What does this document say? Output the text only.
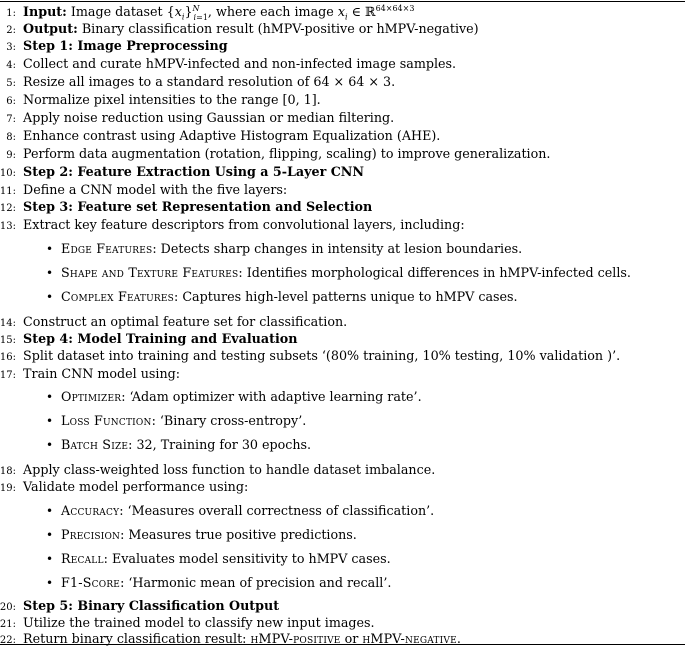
1: Input: Image dataset $\{x_i\}^N_{i=1}$, where each image $x_i$ ∈ ℝ$^{64\times 64\times 3}$
2: Output: Binary classification result (hMPV-positive or hMPV-negative)
3: Step 1: Image Preprocessing
4: Collect and curate hMPV-infected and non-infected image samples.
5: Resize all images to a standard resolution of 64 × 64 × 3.
6: Normalize pixel intensities to the range [0, 1].
7: Apply noise reduction using Gaussian or median filtering.
8: Enhance contrast using Adaptive Histogram Equalization (AHE).
9: Perform data augmentation (rotation, flipping, scaling) to improve generalization.
10: Step 2: Feature Extraction Using a 5-Layer CNN
11: Define a CNN model with the five layers:
12: Step 3: Feature set Representation and Selection
13: Extract key feature descriptors from convolutional layers, including:
• Edge Features: Detects sharp changes in intensity at lesion boundaries.
• Shape and Texture Features: Identifies morphological differences in hMPV-infected cells.
• Complex Features: Captures high-level patterns unique to hMPV cases.
14: Construct an optimal feature set for classification.
15: Step 4: Model Training and Evaluation
16: Split dataset into training and testing subsets ‘(80% training, 10% testing, 10% validation )’.
17: Train CNN model using:
• Optimizer: ‘Adam optimizer with adaptive learning rate’.
• Loss Function: ‘Binary cross-entropy’.
• Batch Size: 32, Training for 30 epochs.
18: Apply class-weighted loss function to handle dataset imbalance.
19: Validate model performance using:
• Accuracy: ‘Measures overall correctness of classification’.
• Precision: Measures true positive predictions.
• Recall: Evaluates model sensitivity to hMPV cases.
• F1-Score: ‘Harmonic mean of precision and recall’.
20: Step 5: Binary Classification Output
21: Utilize the trained model to classify new input images.
22: Return binary classification result: hMPV-positive or hMPV-negative.
